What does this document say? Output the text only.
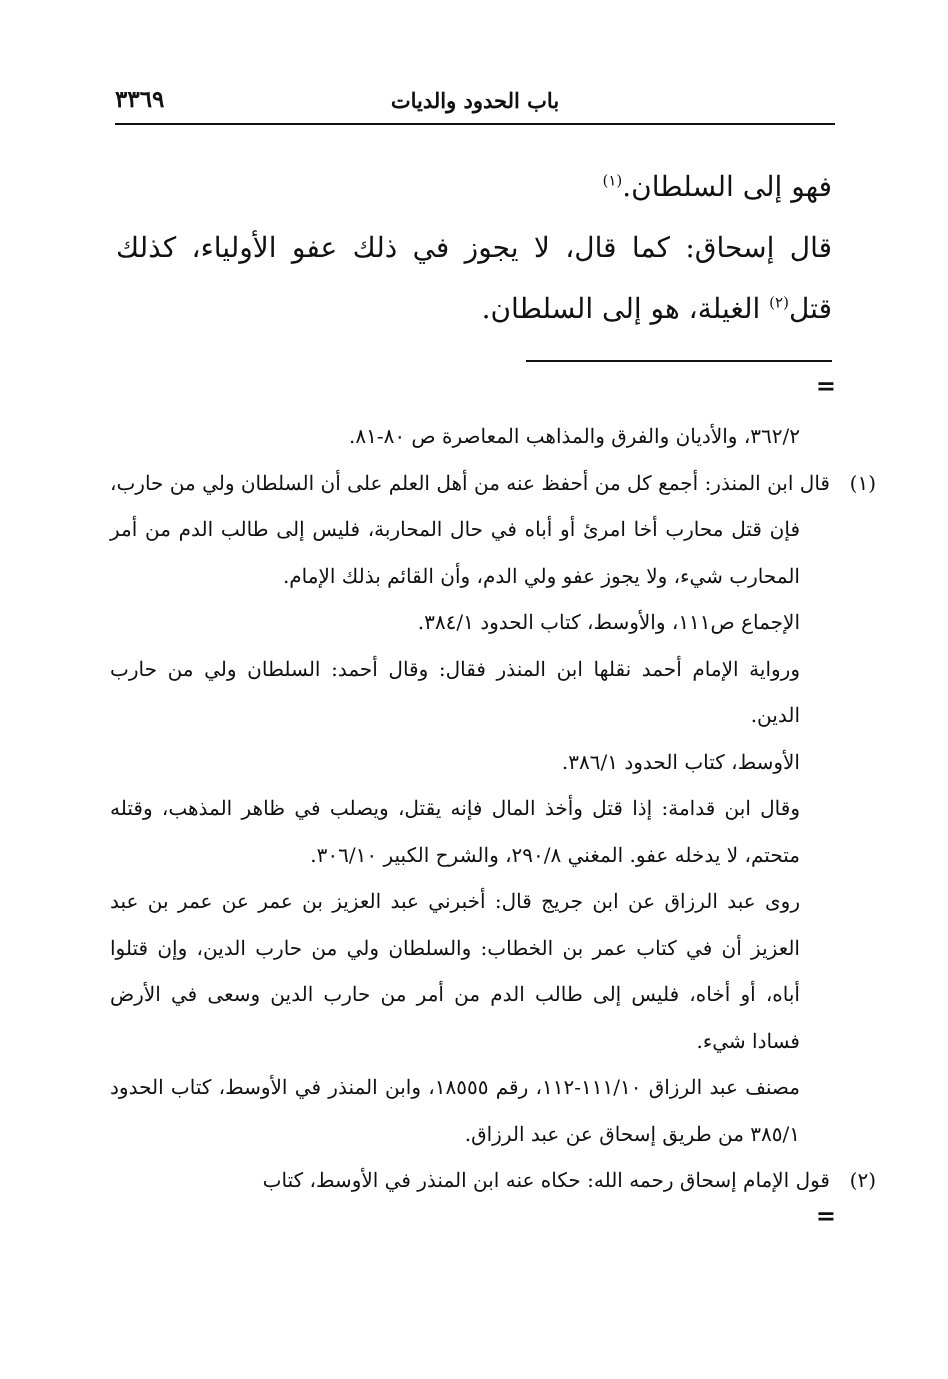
باب الحدود والديات
٣٣٦٩

فهو إلى السلطان.$^{(١)}$

قال إسحاق: كما قال، لا يجوز في ذلك عفو الأولياء، كذلك قتل$^{(٢)}$ الغيلة، هو إلى السلطان.

=

٣٦٢/٢، والأديان والفرق والمذاهب المعاصرة ص ٨٠-٨١.

(١)قال ابن المنذر: أجمع كل من أحفظ عنه من أهل العلم على أن السلطان ولي من حارب، فإن قتل محارب أخا امرئ أو أباه في حال المحاربة، فليس إلى طالب الدم من أمر المحارب شيء، ولا يجوز عفو ولي الدم، وأن القائم بذلك الإمام.

الإجماع ص١١١، والأوسط، كتاب الحدود ٣٨٤/١.

ورواية الإمام أحمد نقلها ابن المنذر فقال: وقال أحمد: السلطان ولي من حارب الدين.

الأوسط، كتاب الحدود ٣٨٦/١.

وقال ابن قدامة: إذا قتل وأخذ المال فإنه يقتل، ويصلب في ظاهر المذهب، وقتله متحتم، لا يدخله عفو. المغني ٢٩٠/٨، والشرح الكبير ٣٠٦/١٠.

روى عبد الرزاق عن ابن جريج قال: أخبرني عبد العزيز بن عمر عن عمر بن عبد العزيز أن في كتاب عمر بن الخطاب: والسلطان ولي من حارب الدين، وإن قتلوا أباه، أو أخاه، فليس إلى طالب الدم من أمر من حارب الدين وسعى في الأرض فسادا شيء.

مصنف عبد الرزاق ١١١/١٠-١١٢، رقم ١٨٥٥٥، وابن المنذر في الأوسط، كتاب الحدود ٣٨٥/١ من طريق إسحاق عن عبد الرزاق.

(٢)قول الإمام إسحاق رحمه الله: حكاه عنه ابن المنذر في الأوسط، كتاب

=
